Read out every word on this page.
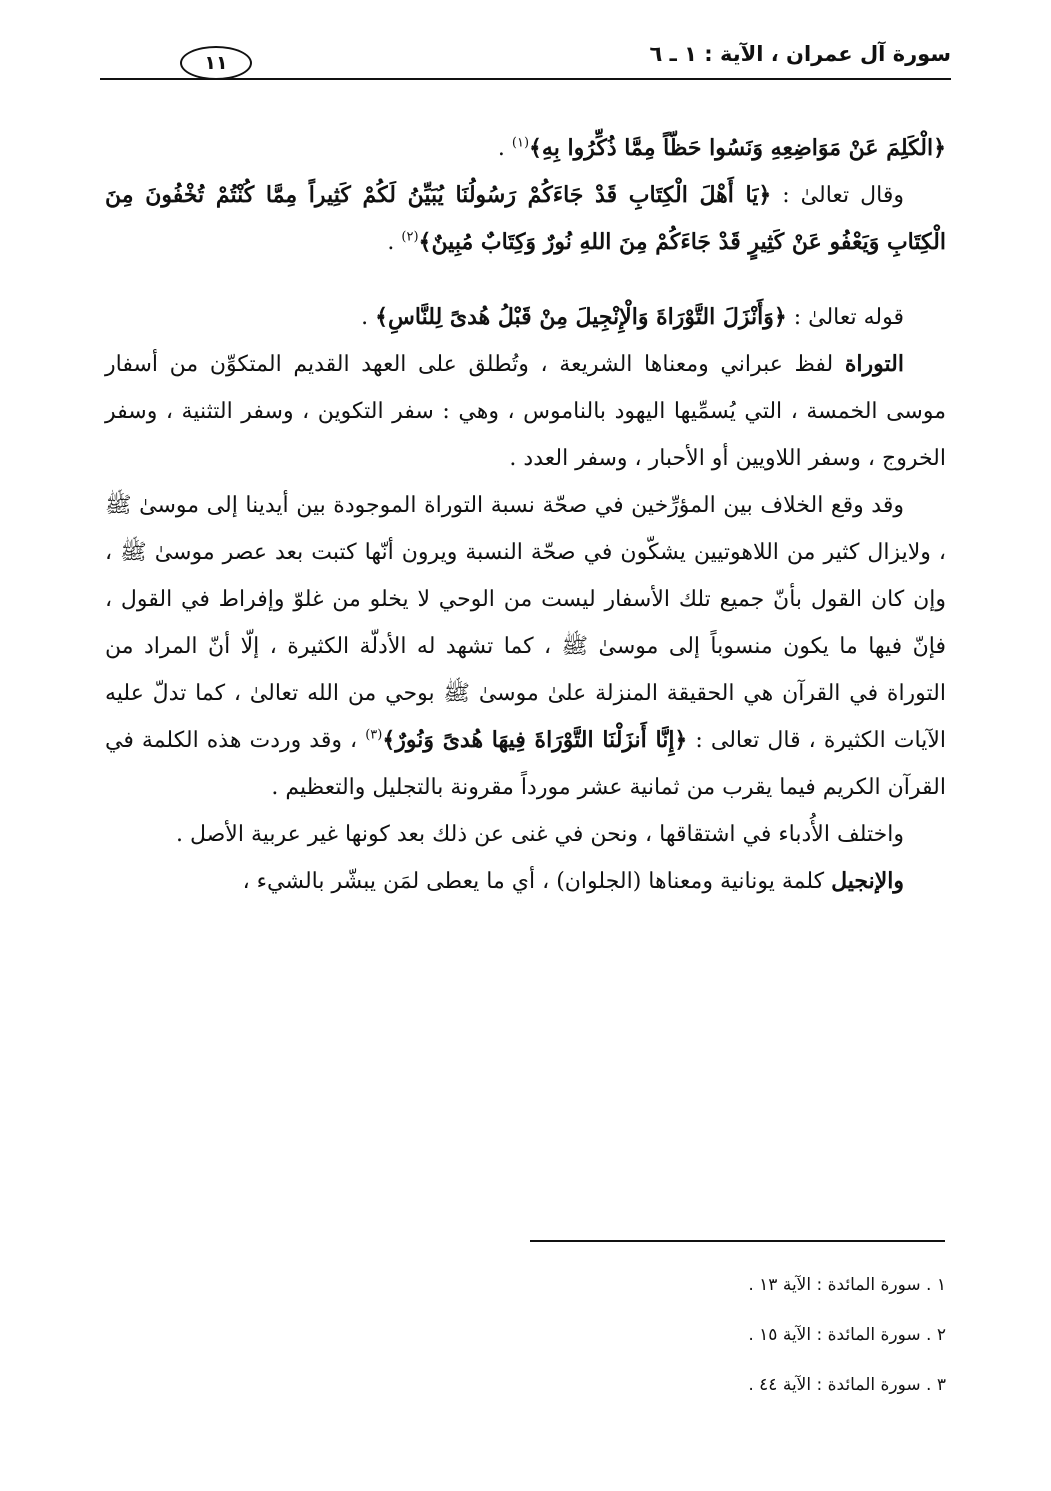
سورة آل عمران ، الآية : ١ ـ ٦
١١

﴿الْكَلِمَ عَنْ مَوَاضِعِهِ وَنَسُوا حَظّاً مِمَّا ذُكِّرُوا بِهِ﴾$^{(١)}$ .

وقال تعالىٰ : ﴿يَا أَهْلَ الْكِتَابِ قَدْ جَاءَكُمْ رَسُولُنَا يُبَيِّنُ لَكُمْ كَثِيراً مِمَّا كُنْتُمْ تُخْفُونَ مِنَ الْكِتَابِ وَيَعْفُو عَنْ كَثِيرٍ قَدْ جَاءَكُمْ مِنَ اللهِ نُورٌ وَكِتَابٌ مُبِينٌ﴾$^{(٢)}$ .

قوله تعالىٰ : ﴿وَأَنْزَلَ التَّوْرَاةَ وَالْإِنْجِيلَ مِنْ قَبْلُ هُدىً لِلنَّاسِ﴾ .

التوراة لفظ عبراني ومعناها الشريعة ، وتُطلق على العهد القديم المتكوِّن من أسفار موسى الخمسة ، التي يُسمِّيها اليهود بالناموس ، وهي : سفر التكوين ، وسفر التثنية ، وسفر الخروج ، وسفر اللاويين أو الأحبار ، وسفر العدد .

وقد وقع الخلاف بين المؤرِّخين في صحّة نسبة التوراة الموجودة بين أيدينا إلى موسىٰ ﷺ ، ولايزال كثير من اللاهوتيين يشكّون في صحّة النسبة ويرون أنّها كتبت بعد عصر موسىٰ ﷺ ، وإن كان القول بأنّ جميع تلك الأسفار ليست من الوحي لا يخلو من غلوّ وإفراط في القول ، فإنّ فيها ما يكون منسوباً إلى موسىٰ ﷺ ، كما تشهد له الأدلّة الكثيرة ، إلّا أنّ المراد من التوراة في القرآن هي الحقيقة المنزلة علىٰ موسىٰ ﷺ بوحي من الله تعالىٰ ، كما تدلّ عليه الآيات الكثيرة ، قال تعالى : ﴿إِنَّا أَنزَلْنَا التَّوْرَاةَ فِيهَا هُدىً وَنُورٌ﴾$^{(٣)}$ ، وقد وردت هذه الكلمة في القرآن الكريم فيما يقرب من ثمانية عشر مورداً مقرونة بالتجليل والتعظيم .

واختلف الأُدباء في اشتقاقها ، ونحن في غنى عن ذلك بعد كونها غير عربية الأصل .

والإنجيل كلمة يونانية ومعناها (الجلوان) ، أي ما يعطى لمَن يبشّر بالشيء ،

١ . سورة المائدة : الآية ١٣ .
٢ . سورة المائدة : الآية ١٥ .
٣ . سورة المائدة : الآية ٤٤ .
